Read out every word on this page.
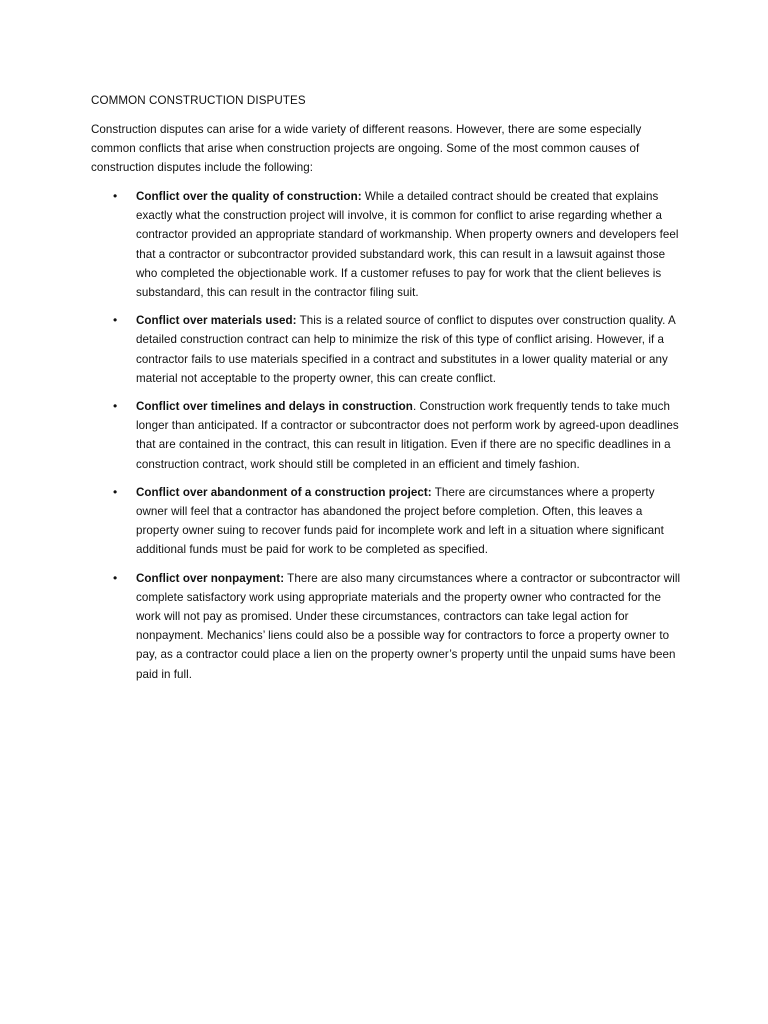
COMMON CONSTRUCTION DISPUTES

Construction disputes can arise for a wide variety of different reasons. However, there are some especially common conflicts that arise when construction projects are ongoing. Some of the most common causes of construction disputes include the following:

• Conflict over the quality of construction: While a detailed contract should be created that explains exactly what the construction project will involve, it is common for conflict to arise regarding whether a contractor provided an appropriate standard of workmanship. When property owners and developers feel that a contractor or subcontractor provided substandard work, this can result in a lawsuit against those who completed the objectionable work. If a customer refuses to pay for work that the client believes is substandard, this can result in the contractor filing suit.
• Conflict over materials used: This is a related source of conflict to disputes over construction quality. A detailed construction contract can help to minimize the risk of this type of conflict arising. However, if a contractor fails to use materials specified in a contract and substitutes in a lower quality material or any material not acceptable to the property owner, this can create conflict.
• Conflict over timelines and delays in construction. Construction work frequently tends to take much longer than anticipated. If a contractor or subcontractor does not perform work by agreed-upon deadlines that are contained in the contract, this can result in litigation. Even if there are no specific deadlines in a construction contract, work should still be completed in an efficient and timely fashion.
• Conflict over abandonment of a construction project: There are circumstances where a property owner will feel that a contractor has abandoned the project before completion. Often, this leaves a property owner suing to recover funds paid for incomplete work and left in a situation where significant additional funds must be paid for work to be completed as specified.
• Conflict over nonpayment: There are also many circumstances where a contractor or subcontractor will complete satisfactory work using appropriate materials and the property owner who contracted for the work will not pay as promised. Under these circumstances, contractors can take legal action for nonpayment. Mechanics’ liens could also be a possible way for contractors to force a property owner to pay, as a contractor could place a lien on the property owner’s property until the unpaid sums have been paid in full.
